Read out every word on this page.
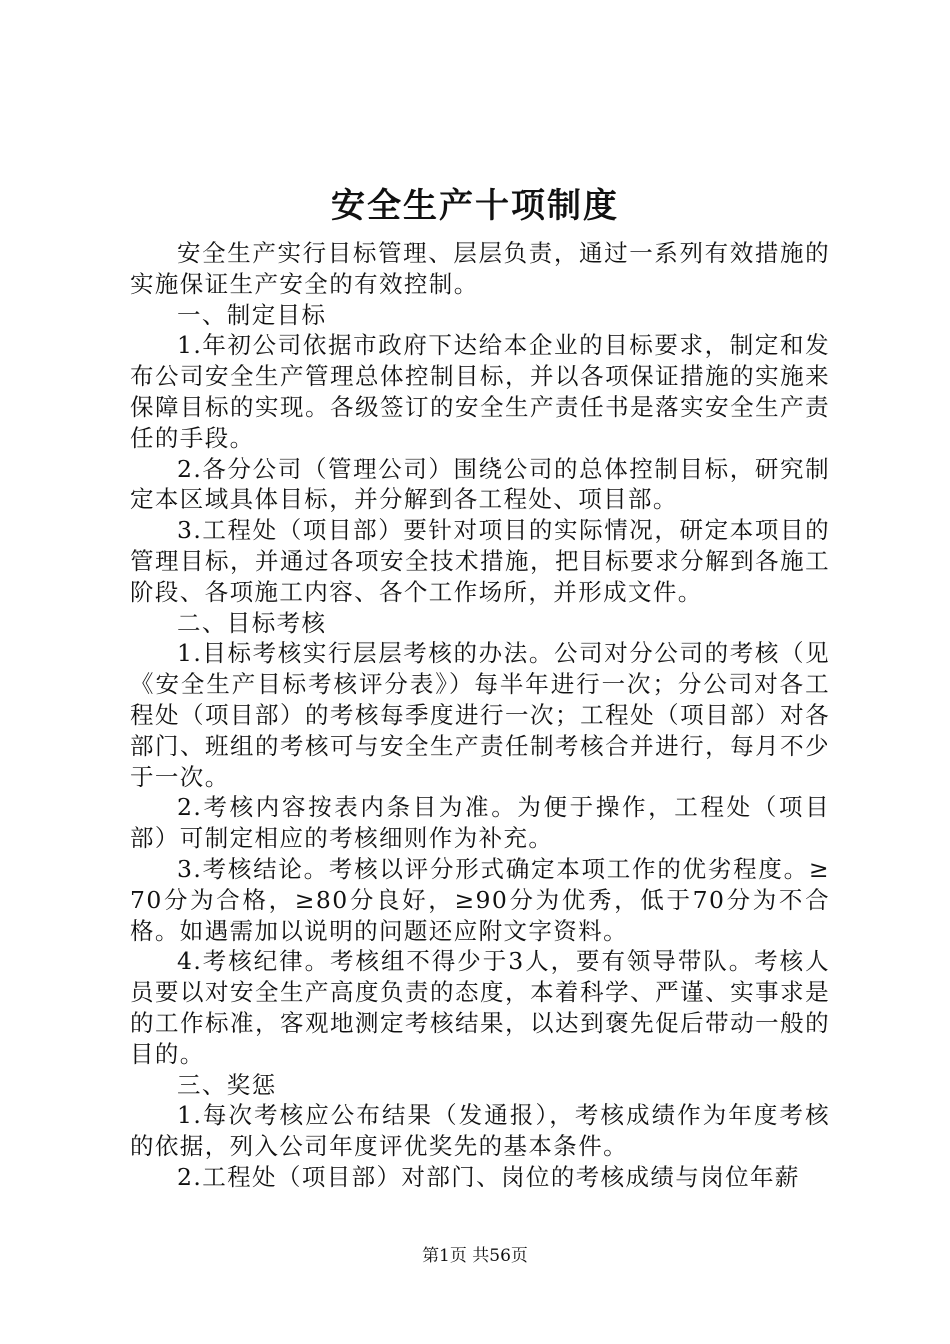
安全生产十项制度

安全生产实行目标管理、层层负责，通过一系列有效措施的实施保证生产安全的有效控制。

一、制定目标

1.年初公司依据市政府下达给本企业的目标要求，制定和发布公司安全生产管理总体控制目标，并以各项保证措施的实施来保障目标的实现。各级签订的安全生产责任书是落实安全生产责任的手段。

2.各分公司（管理公司）围绕公司的总体控制目标，研究制定本区域具体目标，并分解到各工程处、项目部。

3.工程处（项目部）要针对项目的实际情况，研定本项目的管理目标，并通过各项安全技术措施，把目标要求分解到各施工阶段、各项施工内容、各个工作场所，并形成文件。

二、目标考核

1.目标考核实行层层考核的办法。公司对分公司的考核（见《安全生产目标考核评分表》）每半年进行一次；分公司对各工程处（项目部）的考核每季度进行一次；工程处（项目部）对各部门、班组的考核可与安全生产责任制考核合并进行，每月不少于一次。

2.考核内容按表内条目为准。为便于操作，工程处（项目部）可制定相应的考核细则作为补充。

3.考核结论。考核以评分形式确定本项工作的优劣程度。≥70分为合格，≥80分良好，≥90分为优秀，低于70分为不合格。如遇需加以说明的问题还应附文字资料。

4.考核纪律。考核组不得少于3人，要有领导带队。考核人员要以对安全生产高度负责的态度，本着科学、严谨、实事求是的工作标准，客观地测定考核结果，以达到褒先促后带动一般的目的。

三、奖惩

1.每次考核应公布结果（发通报），考核成绩作为年度考核的依据，列入公司年度评优奖先的基本条件。

2.工程处（项目部）对部门、岗位的考核成绩与岗位年薪

第1页 共56页
